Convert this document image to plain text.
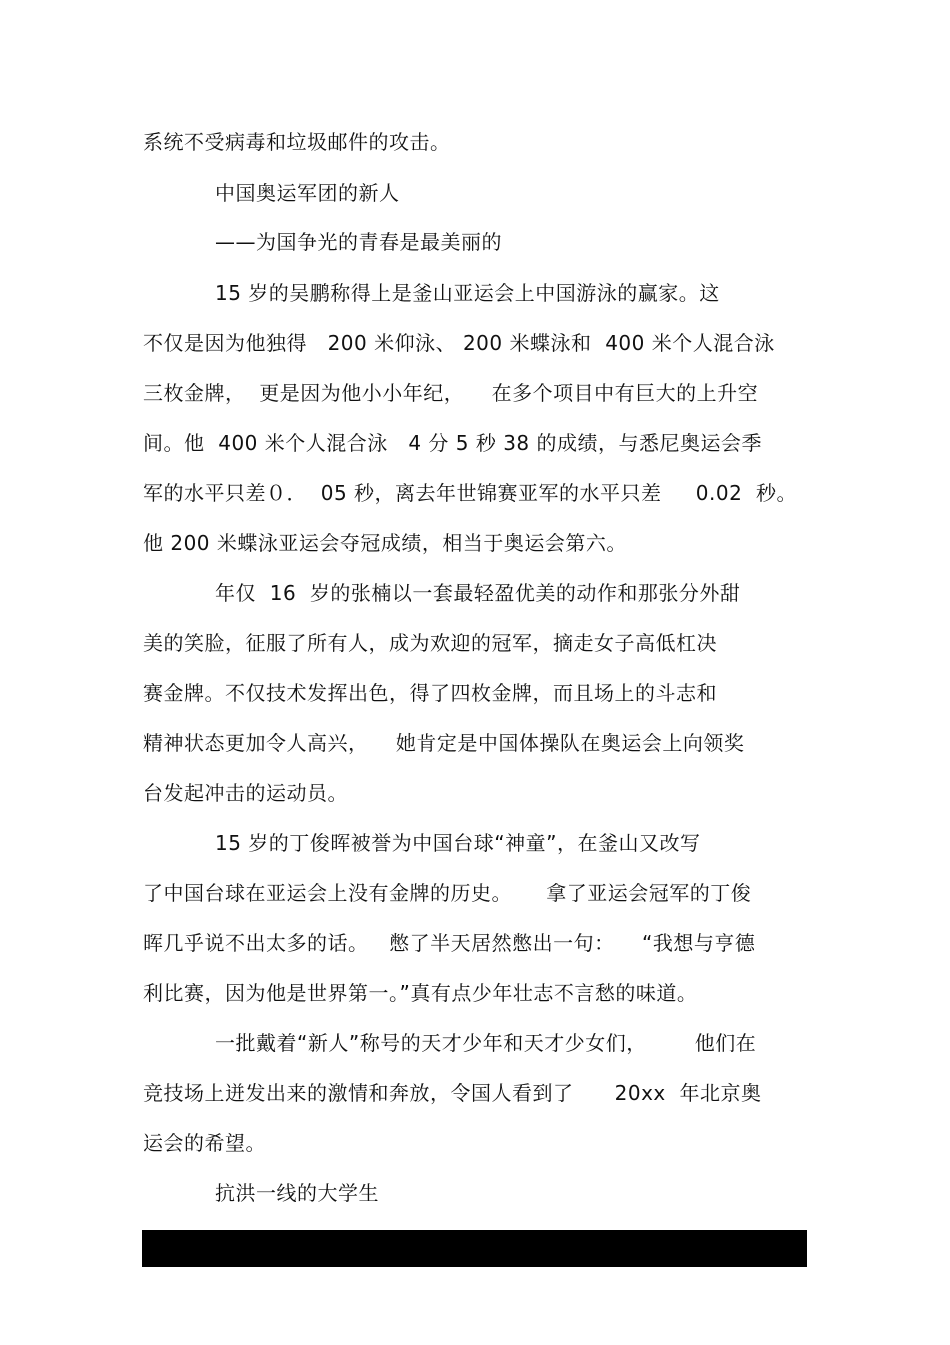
系统不受病毒和垃圾邮件的攻击。
中国奥运军团的新人
——为国争光的青春是最美丽的
15 岁的吴鹏称得上是釜山亚运会上中国游泳的赢家。这
不仅是因为他独得   200 米仰泳、 200 米蝶泳和  400 米个人混合泳
三枚金牌，  更是因为他小小年纪，    在多个项目中有巨大的上升空
间。他  400 米个人混合泳   4 分 5 秒 38 的成绩，与悉尼奥运会季
军的水平只差０．  05 秒，离去年世锦赛亚军的水平只差     0.02  秒。
他 200 米蝶泳亚运会夺冠成绩，相当于奥运会第六。
年仅  16  岁的张楠以一套最轻盈优美的动作和那张分外甜
美的笑脸，征服了所有人，成为欢迎的冠军，摘走女子高低杠决
赛金牌。不仅技术发挥出色，得了四枚金牌，而且场上的斗志和
精神状态更加令人高兴，    她肯定是中国体操队在奥运会上向领奖
台发起冲击的运动员。
15 岁的丁俊晖被誉为中国台球“神童”，在釜山又改写
了中国台球在亚运会上没有金牌的历史。     拿了亚运会冠军的丁俊
晖几乎说不出太多的话。   憋了半天居然憋出一句：    “我想与亨德
利比赛，因为他是世界第一。”真有点少年壮志不言愁的味道。
一批戴着“新人”称号的天才少年和天才少女们，       他们在
竞技场上迸发出来的激情和奔放，令国人看到了      20xx  年北京奥
运会的希望。
抗洪一线的大学生
